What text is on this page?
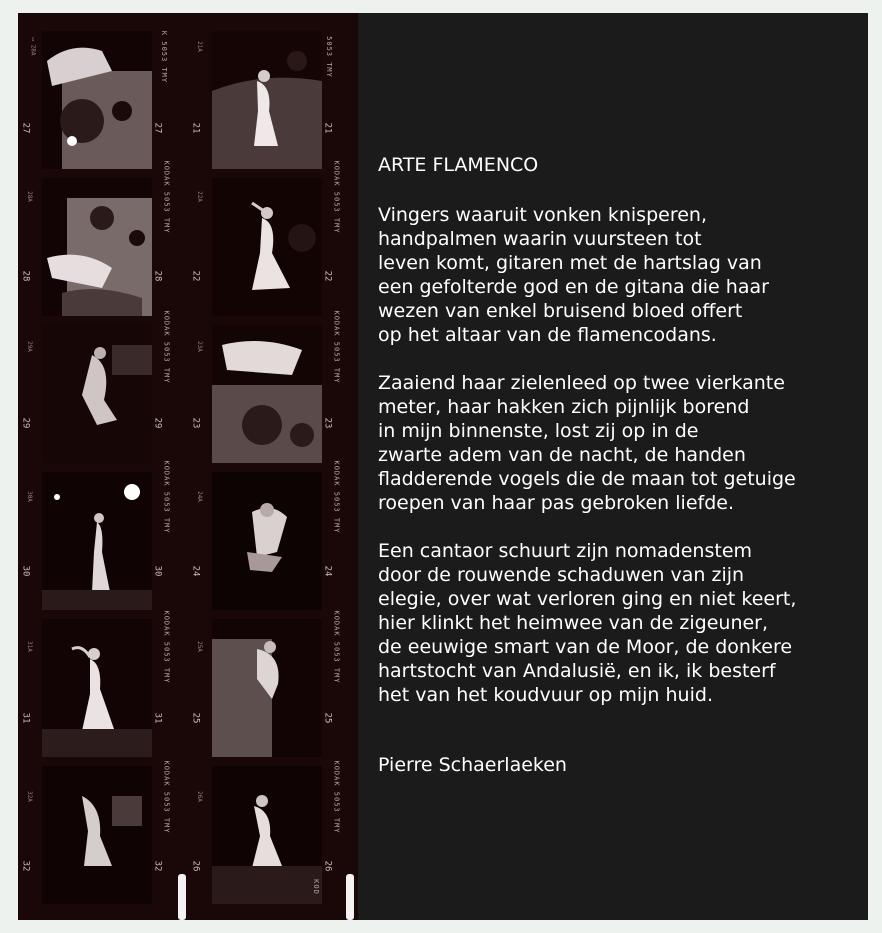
▭ 28A
27	27
K 5053 TMY
KODAK 5053 TMY
28	28
28A
KODAK 5053 TMY
29	29
29A
KODAK 5053 TMY
30	30
30A
KODAK 5053 TMY
31	31
31A
KODAK 5053 TMY
32	32
32A
5053 TMY
21	21
21A
KODAK 5053 TMY
22	22
22A
KODAK 5053 TMY
23	23
23A
KODAK 5053 TMY
24	24
24A
KODAK 5053 TMY
25	25
25A
KODAK 5053 TMY
26	26
26A
KOD
ARTE FLAMENCO
Vingers waaruit vonken knisperen,
handpalmen waarin vuursteen tot
leven komt, gitaren met de hartslag van
een gefolterde god en de gitana die haar
wezen van enkel bruisend bloed offert
op het altaar van de flamencodans.
Zaaiend haar zielenleed op twee vierkante
meter, haar hakken zich pijnlijk borend
in mijn binnenste, lost zij op in de
zwarte adem van de nacht, de handen
fladderende vogels die de maan tot getuige
roepen van haar pas gebroken liefde.
Een cantaor schuurt zijn nomadenstem
door de rouwende schaduwen van zijn
elegie, over wat verloren ging en niet keert,
hier klinkt het heimwee van de zigeuner,
de eeuwige smart van de Moor, de donkere
hartstocht van Andalusië, en ik, ik besterf
het van het koudvuur op mijn huid.
Pierre Schaerlaeken
